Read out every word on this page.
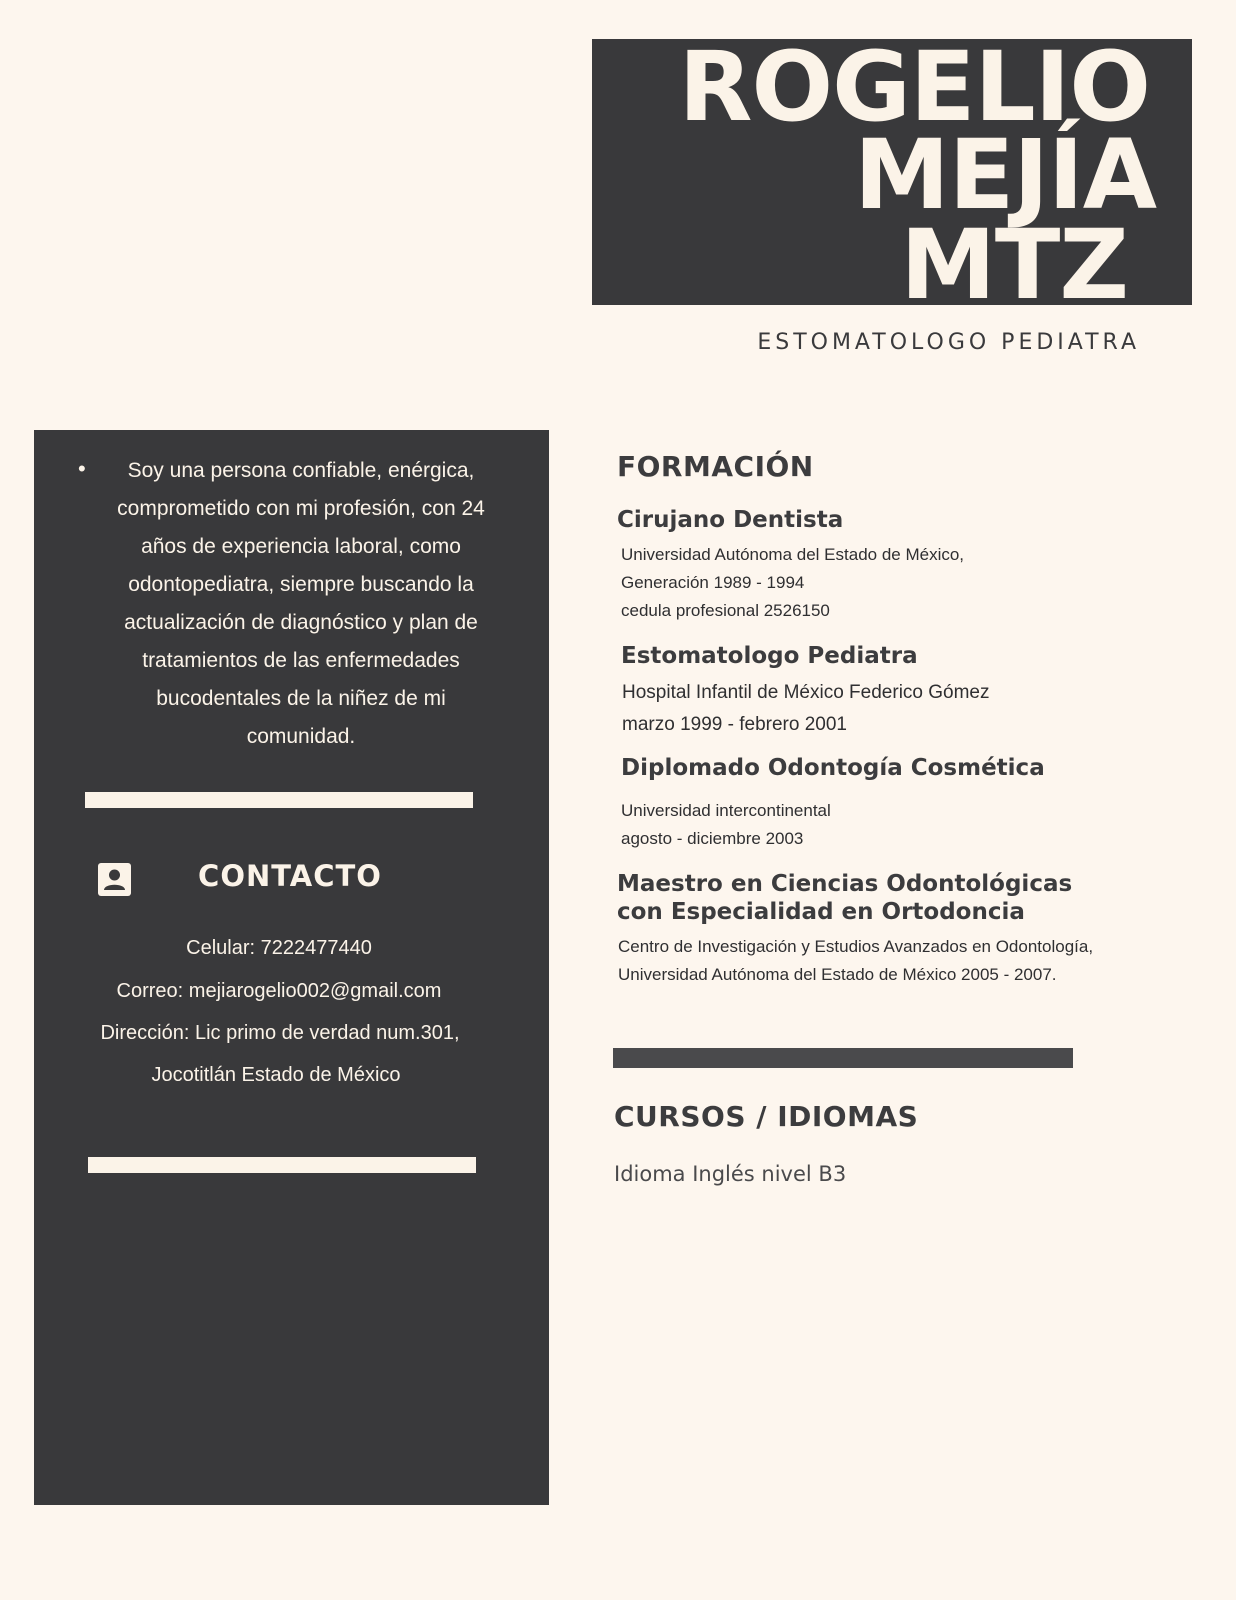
ROGELIO
MEJÍA
MTZ
ESTOMATOLOGO PEDIATRA
•	Soy una persona confiable, enérgica, comprometido con mi profesión, con 24 años de experiencia laboral, como odontopediatra, siempre buscando la actualización de diagnóstico y plan de tratamientos de las enfermedades bucodentales de la niñez de mi comunidad.

CONTACTO
Celular: 7222477440
Correo: mejiarogelio002@gmail.com
Dirección: Lic primo de verdad num.301,
Jocotitlán Estado de México
FORMACIÓN
Cirujano Dentista
Universidad Autónoma del Estado de México,
Generación 1989 - 1994
cedula profesional 2526150
Estomatologo Pediatra
Hospital Infantil de México Federico Gómez
marzo 1999 - febrero 2001
Diplomado Odontogía Cosmética
Universidad intercontinental
agosto - diciembre 2003
Maestro en Ciencias Odontológicas
con Especialidad en Ortodoncia
Centro de Investigación y Estudios Avanzados en Odontología,
Universidad Autónoma del Estado de México 2005 - 2007.
CURSOS / IDIOMAS
Idioma Inglés nivel B3
